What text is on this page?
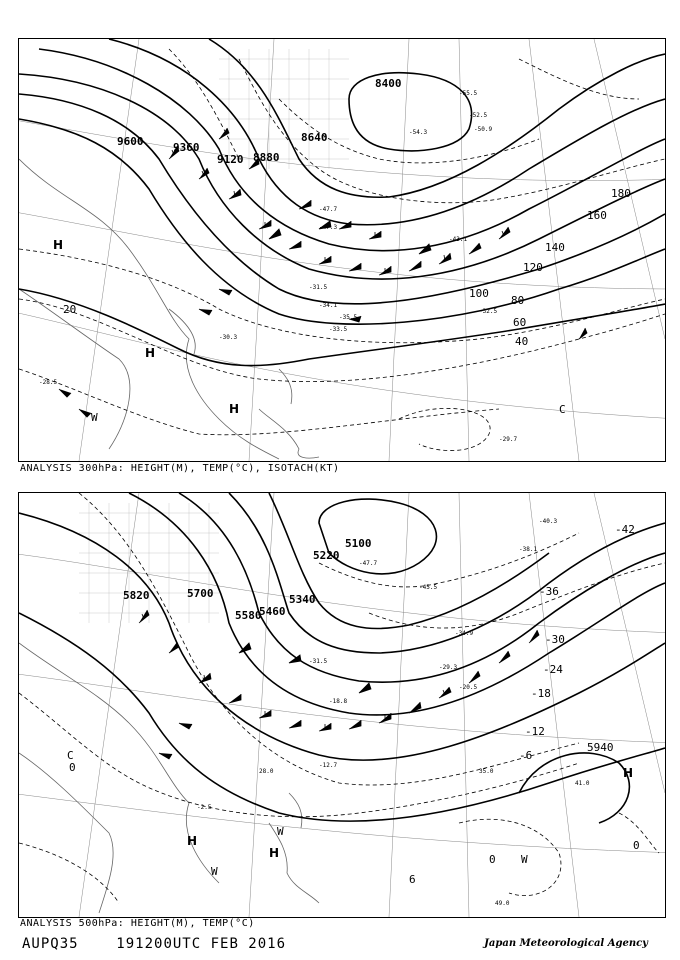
-31.5
-34.1
-35.5
-32.5
-29.7
-28.5
-30.3
-47.7
-50.9
-55.5
-54.3
-52.5
-43.1
-47.3
-33.5
9600	9360
9120 8880
8640
8400
20
40
60
80
100
120
140
160
180
H
H
H
W
C
ANALYSIS 300hPa: HEIGHT(M), TEMP(°C), ISOTACH(KT)
-47.7
-45.5
-40.3
-38.1
-34.9
-31.5
-29.3
-20.5
-18.8
-12.7
-2.5
41.0
49.0
35.0
28.0
5820	5700
5580
5460
5340
5220
5100
5940
-42
-36
-30
-24
-18
-12
-6
0
0
0
6
H
H
H
W
W
W
C
ANALYSIS 500hPa: HEIGHT(M), TEMP(°C)
AUPQ35	191200UTC FEB 2016	Japan Meteorological Agency
